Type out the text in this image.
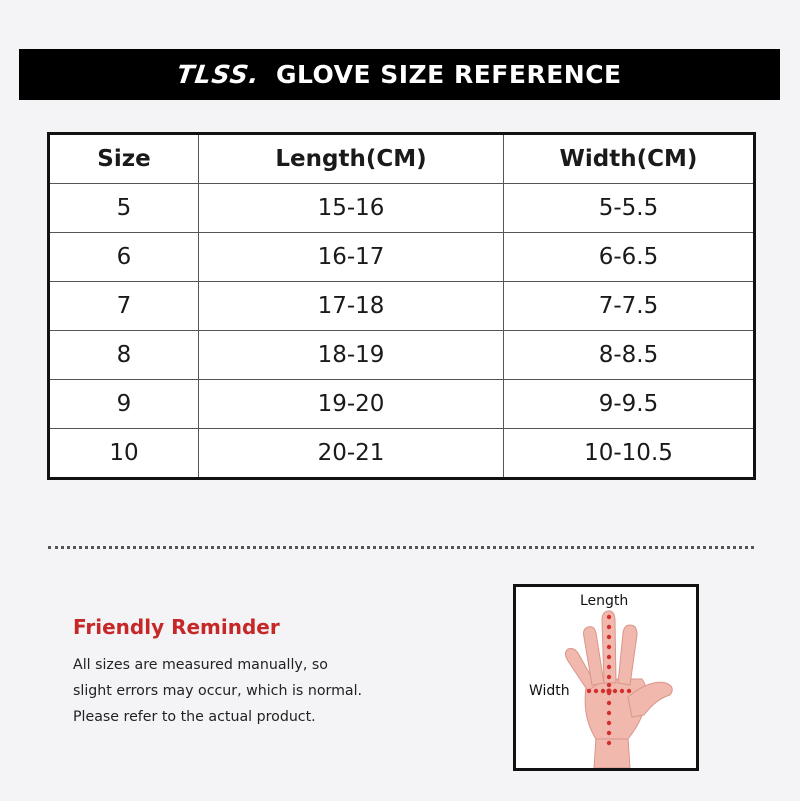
TLSS. GLOVE SIZE REFERENCE
Size	Length(CM)	Width(CM)
5	15-16	5-5.5
6	16-17	6-6.5
7	17-18	7-7.5
8	18-19	8-8.5
9	19-20	9-9.5
10	20-21	10-10.5
Friendly Reminder
All sizes are measured manually, so
slight errors may occur, which is normal.
Please refer to the actual product.
Length
Width
